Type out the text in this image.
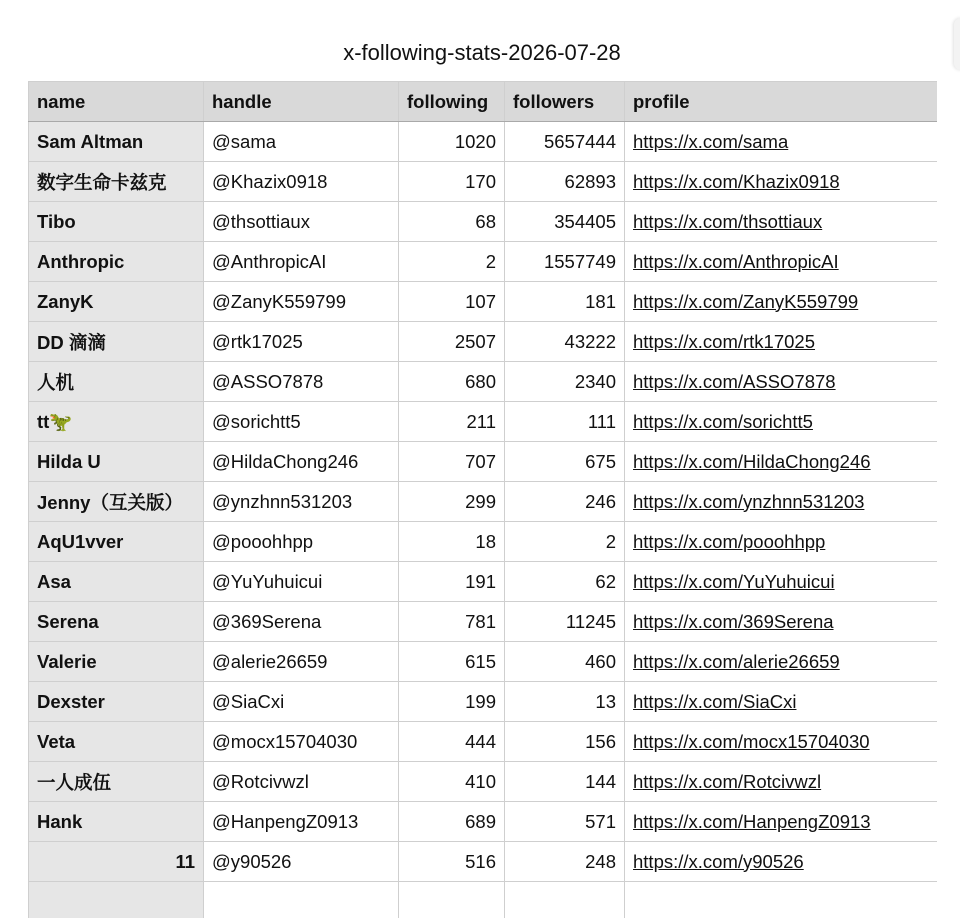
x-following-stats-2026-07-28
name	handle	following	followers	profile
Sam Altman	@sama	1020	5657444	https://x.com/sama
数字生命卡兹克	@Khazix0918	170	62893	https://x.com/Khazix0918
Tibo	@thsottiaux	68	354405	https://x.com/thsottiaux
Anthropic	@AnthropicAI	2	1557749	https://x.com/AnthropicAI
ZanyK	@ZanyK559799	107	181	https://x.com/ZanyK559799
DD 滴滴	@rtk17025	2507	43222	https://x.com/rtk17025
人机	@ASSO7878	680	2340	https://x.com/ASSO7878
tt🦖	@sorichtt5	211	111	https://x.com/sorichtt5
Hilda U	@HildaChong246	707	675	https://x.com/HildaChong246
Jenny（互关版）	@ynzhnn531203	299	246	https://x.com/ynzhnn531203
AqU1vver	@pooohhpp	18	2	https://x.com/pooohhpp
Asa	@YuYuhuicui	191	62	https://x.com/YuYuhuicui
Serena	@369Serena	781	11245	https://x.com/369Serena
Valerie	@alerie26659	615	460	https://x.com/alerie26659
Dexster	@SiaCxi	199	13	https://x.com/SiaCxi
Veta	@mocx15704030	444	156	https://x.com/mocx15704030
一人成伍	@Rotcivwzl	410	144	https://x.com/Rotcivwzl
Hank	@HanpengZ0913	689	571	https://x.com/HanpengZ0913
11	@y90526	516	248	https://x.com/y90526
